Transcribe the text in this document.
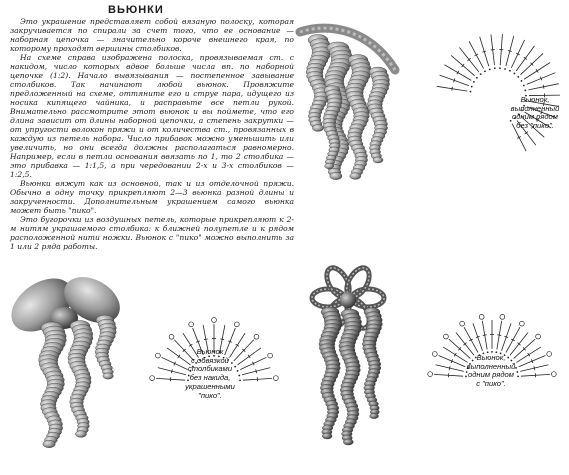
ВЬЮНКИ

Это украшение представляет собой вязаную полоску, которая закручивается по спирали за счет того, что ее основание — наборная цепочка — значительно короче внешнего края, по которому проходят вершины столбиков.

На схеме справа изображена полоска, провязываемая ст. с накидом, число которых вдвое больше числа вп. по наборной цепочке (1:2). Начало вывязывания — постепенное завывание столбиков. Так начинают любой вьюнок. Провяжите предложенный на схеме, оттяните его и струе пара, идущего из носика кипящего чайника, и расправьте все петли рукой. Внимательно рассмотрите этот вьюнок и вы поймете, что его длина зависит от длины наборной цепочки, а степень закрутки — от упругости волокон пряжи и от количества ст., провязанных в каждую из петель набора. Число прибавок можно уменьшить или увеличить, но они всегда должны располагаться равномерно. Например, если в петли основания ввязать по 1, то 2 столбика — это прибавка — 1:1,5, а при чередовании 2-х и 3-х столбиков — 1:2,5.

Вьюнки вяжут как из основной, так и из отделочной пряжи. Обычно в одну точку прикрепляют 2—3 вьюнка разной длины и закрученности. Дополнительным украшением самого вьюнка может быть "пико".

Это бугорочки из воздушных петель, которые прикрепляют к 2-м нитям украшаемого столбика: к ближней полупетле и к рядом расположенной нити ножки. Вьюнок с "пико" можно выполнить за 1 или 2 ряда работы.

Вьюнок,
выполненный
одним рядом
без "пико".
Вьюнок
с обвязкой
столбиками
без накида,
украшенными
"пико".
Вьюнок,
выполненный
одним рядом
с "пико".
